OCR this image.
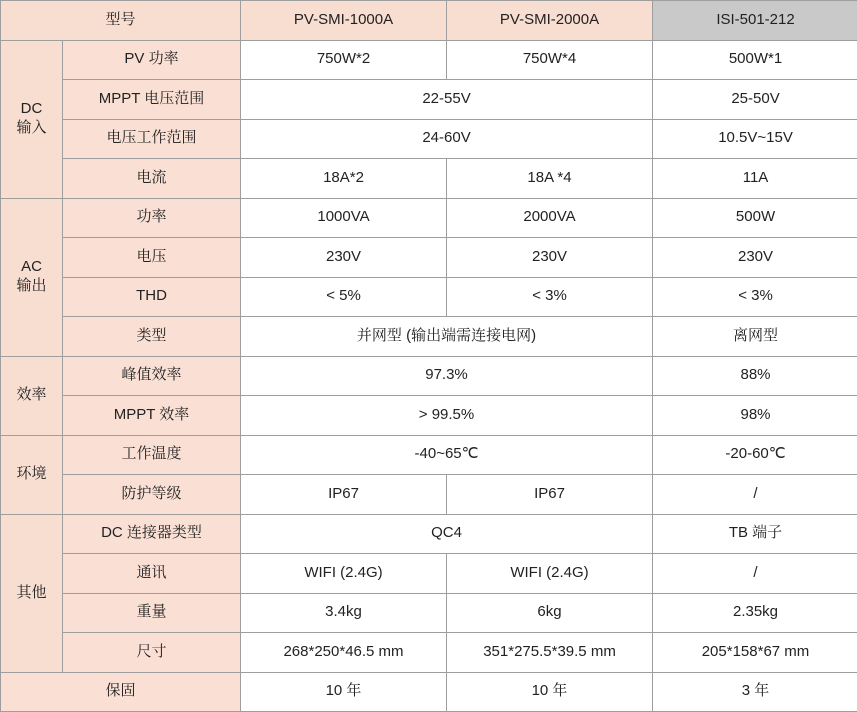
型号		PV-SMI-1000A	PV-SMI-2000A	ISI-501-212

DC
输入	PV 功率	750W*2	750W*4	500W*1
	MPPT 电压范围	22-55V		25-50V
	电压工作范围	24-60V		10.5V~15V
	电流	18A*2	18A *4	11A

AC
输出	功率	1000VA	2000VA	500W
	电压	230V	230V	230V
	THD	< 5%	< 3%	< 3%
	类型	并网型 (输出端需连接电网)		离网型
效率	峰值效率	97.3%		88%
	MPPT 效率	> 99.5%		98%
环境	工作温度	-40~65℃		-20-60℃
	防护等级	IP67	IP67	/
其他	DC 连接器类型	QC4		TB 端子
	通讯	WIFI (2.4G)	WIFI (2.4G)	/
	重量	3.4kg	6kg	2.35kg
	尺寸	268*250*46.5 mm	351*275.5*39.5 mm	205*158*67 mm
保固		10 年	10 年	3 年
